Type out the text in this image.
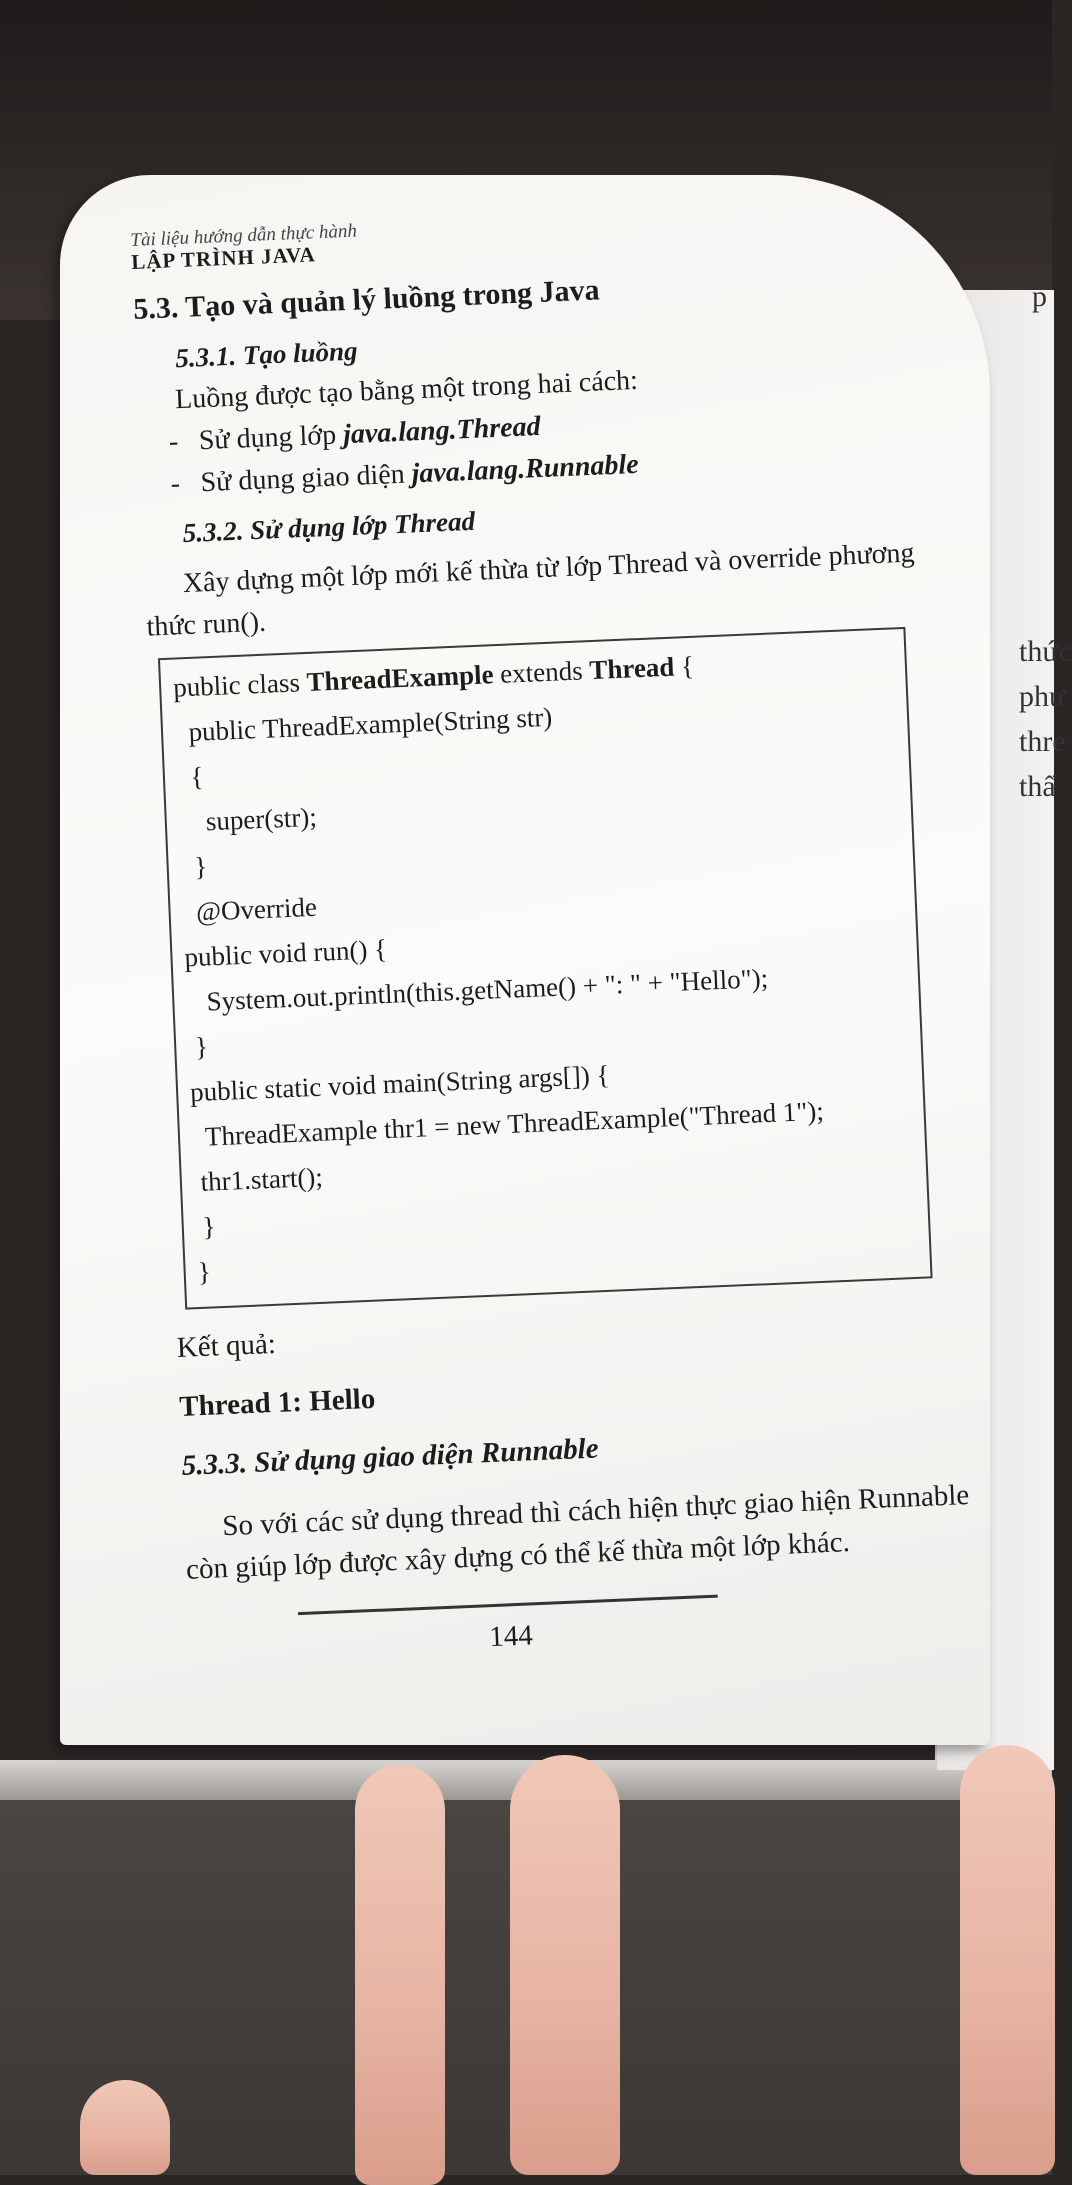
p
thức
phư
thre
thấ
Tài liệu hướng dẫn thực hành
LẬP TRÌNH JAVA
5.3. Tạo và quản lý luồng trong Java
5.3.1. Tạo luồng
Luồng được tạo bằng một trong hai cách:
- Sử dụng lớp java.lang.Thread
- Sử dụng giao diện java.lang.Runnable
5.3.2. Sử dụng lớp Thread
Xây dựng một lớp mới kế thừa từ lớp Thread và override phương
thức run().
public class ThreadExample extends Thread {
public ThreadExample(String str)
{
super(str);
}
@Override
public void run() {
System.out.println(this.getName() + ": " + "Hello");
}
public static void main(String args[]) {
ThreadExample thr1 = new ThreadExample("Thread 1");
thr1.start();
}
}
Kết quả:
Thread 1: Hello
5.3.3. Sử dụng giao diện Runnable
So với các sử dụng thread thì cách hiện thực giao hiện Runnable
còn giúp lớp được xây dựng có thể kế thừa một lớp khác.
144
